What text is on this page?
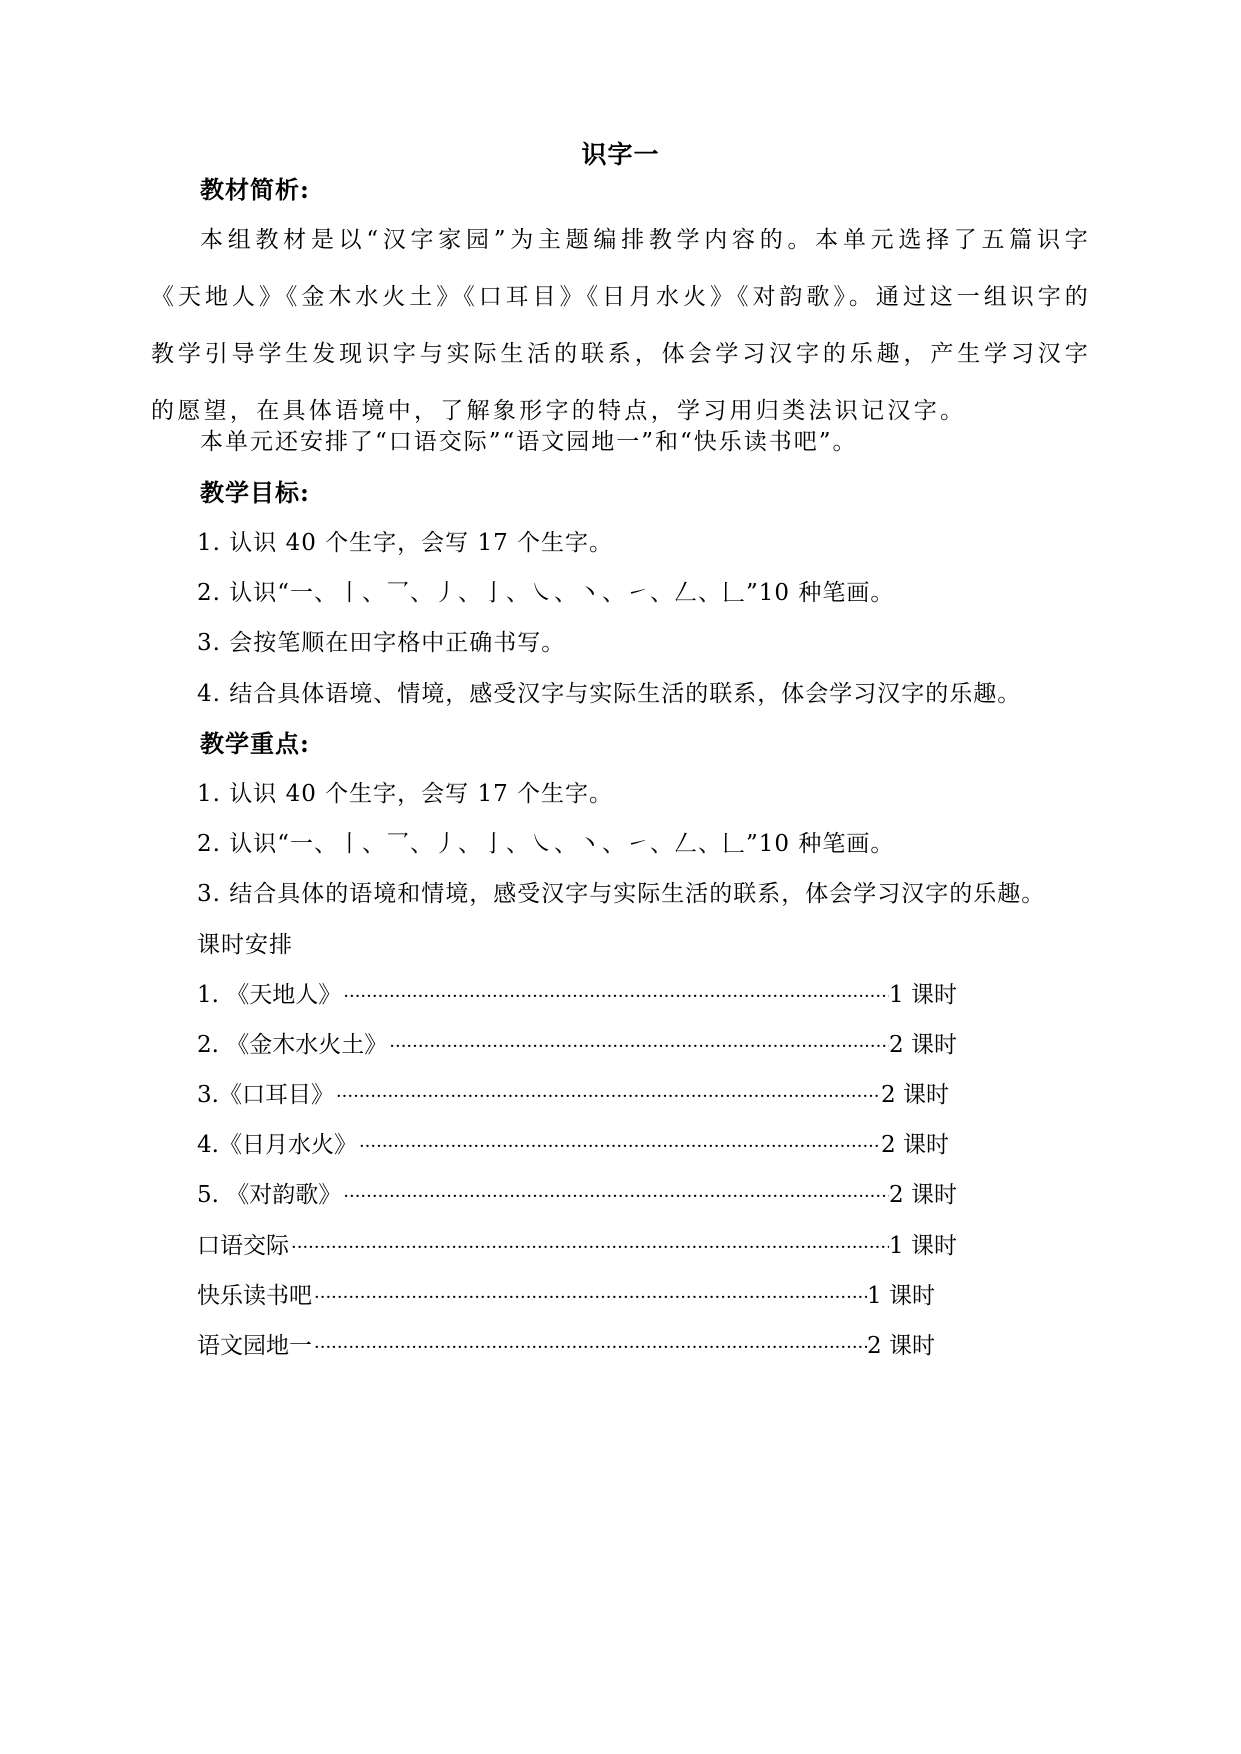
识字一
教材简析:
本组教材是以“汉字家园”为主题编排教学内容的。本单元选择了五篇识字《天地人》《金木水火土》《口耳目》《日月水火》《对韵歌》。通过这一组识字的教学引导学生发现识字与实际生活的联系，体会学习汉字的乐趣，产生学习汉字的愿望，在具体语境中，了解象形字的特点，学习用归类法识记汉字。
本单元还安排了“口语交际”“语文园地一”和“快乐读书吧”。
教学目标:
1. 认识 40 个生字，会写 17 个生字。
2. 认识“一、丨、乛、丿、亅、㇏、丶、㇀、𠃋、𠃊”10 种笔画。
3. 会按笔顺在田字格中正确书写。
4. 结合具体语境、情境，感受汉字与实际生活的联系，体会学习汉字的乐趣。
教学重点:
1. 认识 40 个生字，会写 17 个生字。
2. 认识“一、丨、乛、丿、亅、㇏、丶、㇀、𠃋、𠃊”10 种笔画。
3. 结合具体的语境和情境，感受汉字与实际生活的联系，体会学习汉字的乐趣。
课时安排
1. 《天地人》 ·····	1 课时
2. 《金木水火土》 ·····	2 课时
3.《口耳目》 ·····	2 课时
4.《日月水火》 ·····	2 课时
5. 《对韵歌》 ·····	2 课时
口语交际 ·····	1 课时
快乐读书吧 ·····	1 课时
语文园地一 ·····	2 课时
